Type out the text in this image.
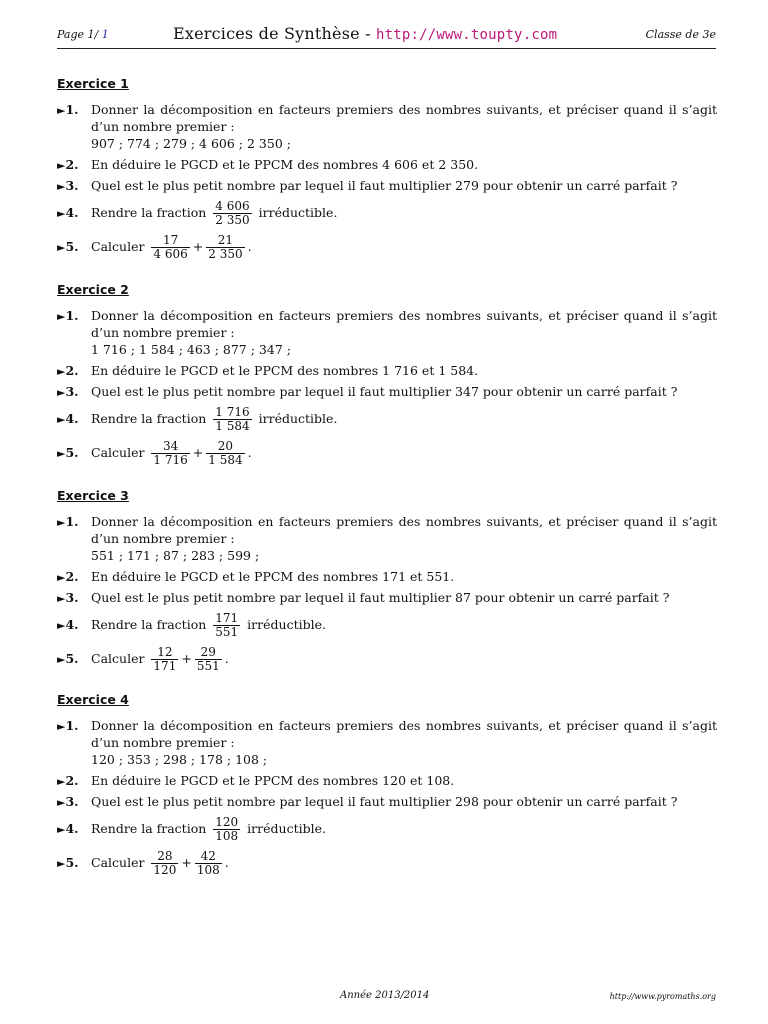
Page 1/ 1	Exercices de Synthèse - http://www.toupty.com	Classe de 3e
Exercice 1
►1. Donner la décomposition en facteurs premiers des nombres suivants, et préciser quand il s’agit d’un nombre premier :
907 ; 774 ; 279 ; 4 606 ; 2 350 ;
►2. En déduire le PGCD et le PPCM des nombres 4 606 et 2 350.
►3. Quel est le plus petit nombre par lequel il faut multiplier 279 pour obtenir un carré parfait ?
►4. Rendre la fraction $\frac{4 606}{2 350}$ irréductible.
►5. Calculer $\frac{17}{4 606} + \frac{21}{2 350}$ .
Exercice 2
►1. Donner la décomposition en facteurs premiers des nombres suivants, et préciser quand il s’agit d’un nombre premier :
1 716 ; 1 584 ; 463 ; 877 ; 347 ;
►2. En déduire le PGCD et le PPCM des nombres 1 716 et 1 584.
►3. Quel est le plus petit nombre par lequel il faut multiplier 347 pour obtenir un carré parfait ?
►4. Rendre la fraction $\frac{1 716}{1 584}$ irréductible.
►5. Calculer $\frac{34}{1 716} + \frac{20}{1 584}$ .
Exercice 3
►1. Donner la décomposition en facteurs premiers des nombres suivants, et préciser quand il s’agit d’un nombre premier :
551 ; 171 ; 87 ; 283 ; 599 ;
►2. En déduire le PGCD et le PPCM des nombres 171 et 551.
►3. Quel est le plus petit nombre par lequel il faut multiplier 87 pour obtenir un carré parfait ?
►4. Rendre la fraction $\frac{171}{551}$ irréductible.
►5. Calculer $\frac{12}{171} + \frac{29}{551}$ .
Exercice 4
►1. Donner la décomposition en facteurs premiers des nombres suivants, et préciser quand il s’agit d’un nombre premier :
120 ; 353 ; 298 ; 178 ; 108 ;
►2. En déduire le PGCD et le PPCM des nombres 120 et 108.
►3. Quel est le plus petit nombre par lequel il faut multiplier 298 pour obtenir un carré parfait ?
►4. Rendre la fraction $\frac{120}{108}$ irréductible.
►5. Calculer $\frac{28}{120} + \frac{42}{108}$ .
Année 2013/2014	http://www.pyromaths.org
